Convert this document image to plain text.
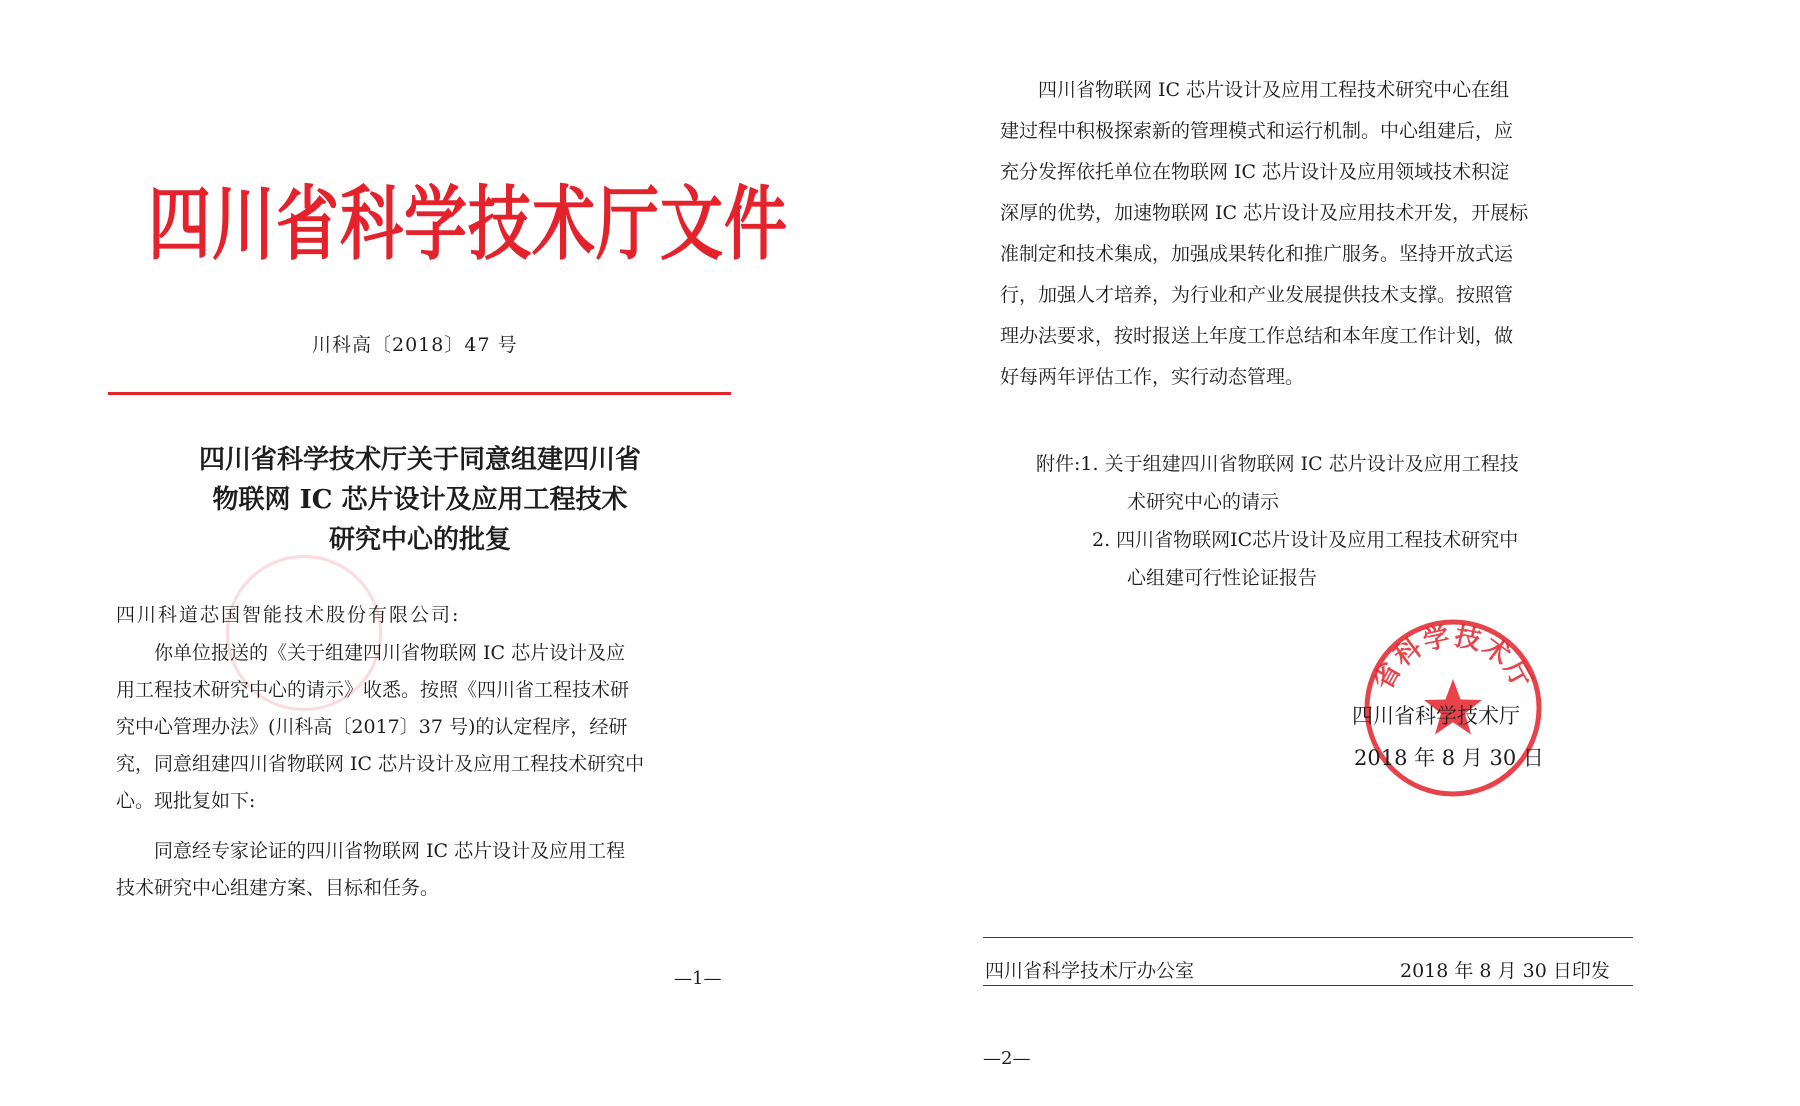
四川省科学技术厅文件
川科高〔2018〕47 号
四川省科学技术厅关于同意组建四川省
物联网 IC 芯片设计及应用工程技术
研究中心的批复
四川科道芯国智能技术股份有限公司:
　　你单位报送的《关于组建四川省物联网 IC 芯片设计及应
用工程技术研究中心的请示》收悉。按照《四川省工程技术研
究中心管理办法》(川科高〔2017〕37 号)的认定程序，经研
究，同意组建四川省物联网 IC 芯片设计及应用工程技术研究中
心。现批复如下:
　　同意经专家论证的四川省物联网 IC 芯片设计及应用工程
技术研究中心组建方案、目标和任务。
—1—
　　四川省物联网 IC 芯片设计及应用工程技术研究中心在组
建过程中积极探索新的管理模式和运行机制。中心组建后，应
充分发挥依托单位在物联网 IC 芯片设计及应用领域技术积淀
深厚的优势，加速物联网 IC 芯片设计及应用技术开发，开展标
准制定和技术集成，加强成果转化和推广服务。坚持开放式运
行，加强人才培养，为行业和产业发展提供技术支撑。按照管
理办法要求，按时报送上年度工作总结和本年度工作计划，做
好每两年评估工作，实行动态管理。
附件:1. 关于组建四川省物联网 IC 芯片设计及应用工程技
术研究中心的请示
2. 四川省物联网IC芯片设计及应用工程技术研究中
心组建可行性论证报告
省科学技术厅
四川省科学技术厅
2018 年 8 月 30 日
四川省科学技术厅办公室	2018 年 8 月 30 日印发
—2—
